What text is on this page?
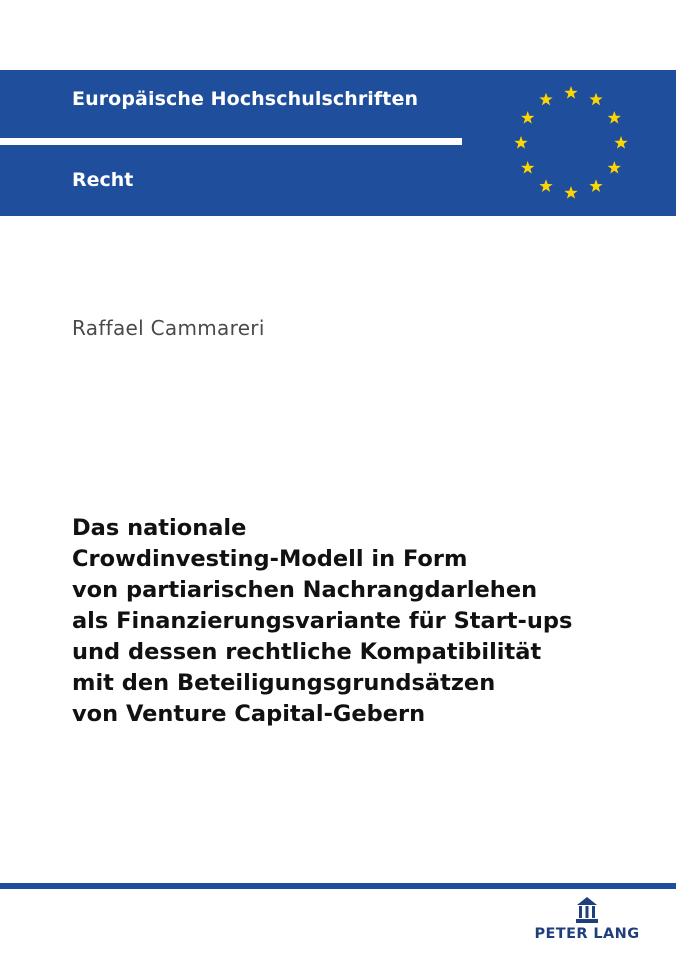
Europäische Hochschulschriften
Recht
Raffael Cammareri
Das nationale
Crowdinvesting-Modell in Form
von partiarischen Nachrangdarlehen
als Finanzierungsvariante für Start-ups
und dessen rechtliche Kompatibilität
mit den Beteiligungsgrundsätzen
von Venture Capital-Gebern
PETER LANG
